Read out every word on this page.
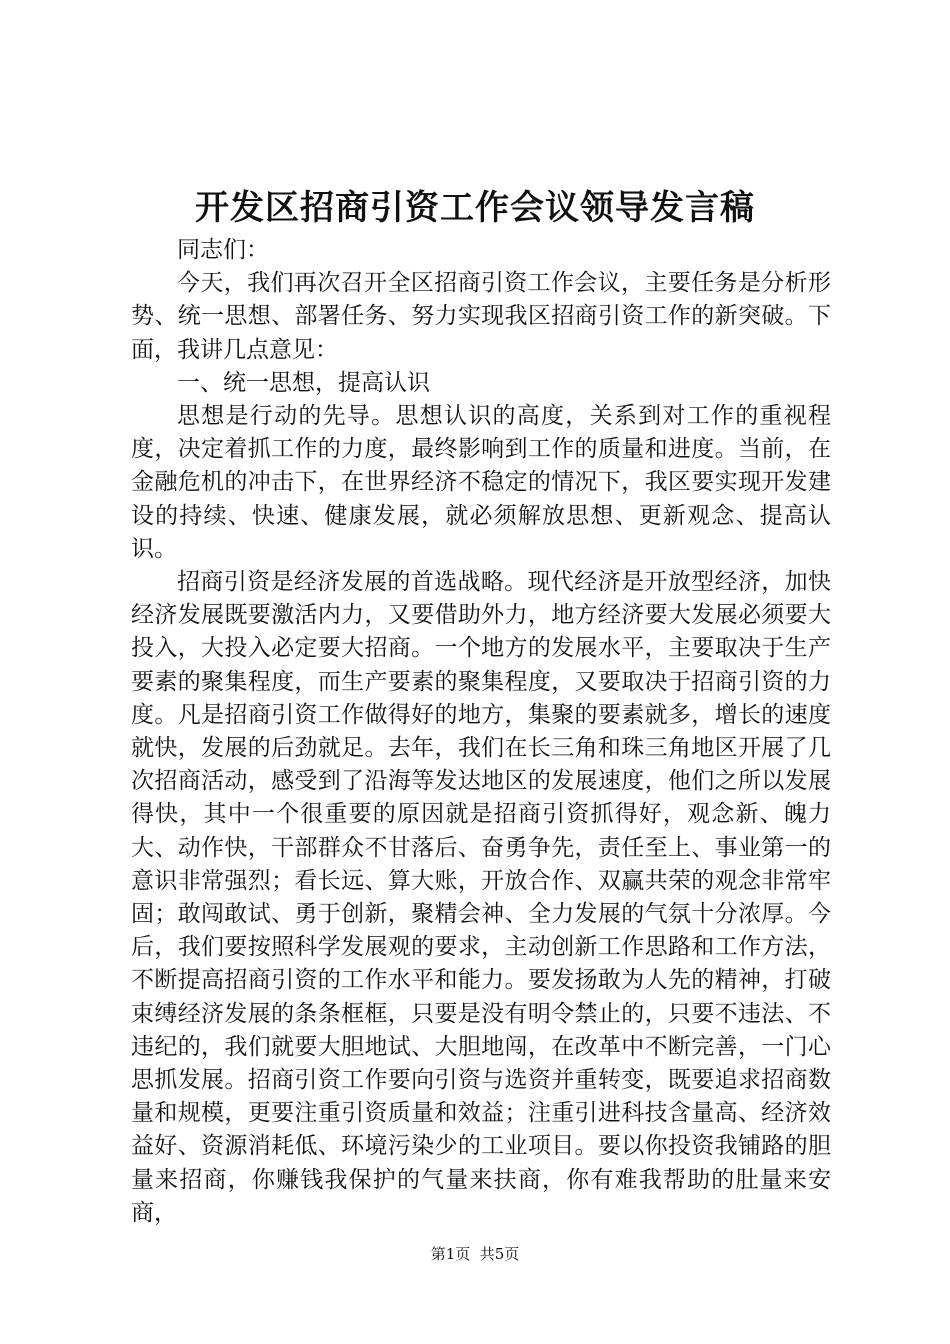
开发区招商引资工作会议领导发言稿

同志们：

今天，我们再次召开全区招商引资工作会议，主要任务是分析形势、统一思想、部署任务、努力实现我区招商引资工作的新突破。下面，我讲几点意见：

一、统一思想，提高认识

思想是行动的先导。思想认识的高度，关系到对工作的重视程度，决定着抓工作的力度，最终影响到工作的质量和进度。当前，在金融危机的冲击下，在世界经济不稳定的情况下，我区要实现开发建设的持续、快速、健康发展，就必须解放思想、更新观念、提高认识。

招商引资是经济发展的首选战略。现代经济是开放型经济，加快经济发展既要激活内力，又要借助外力，地方经济要大发展必须要大投入，大投入必定要大招商。一个地方的发展水平，主要取决于生产要素的聚集程度，而生产要素的聚集程度，又要取决于招商引资的力度。凡是招商引资工作做得好的地方，集聚的要素就多，增长的速度就快，发展的后劲就足。去年，我们在长三角和珠三角地区开展了几次招商活动，感受到了沿海等发达地区的发展速度，他们之所以发展得快，其中一个很重要的原因就是招商引资抓得好，观念新、魄力大、动作快，干部群众不甘落后、奋勇争先，责任至上、事业第一的意识非常强烈；看长远、算大账，开放合作、双赢共荣的观念非常牢固；敢闯敢试、勇于创新，聚精会神、全力发展的气氛十分浓厚。今后，我们要按照科学发展观的要求，主动创新工作思路和工作方法，不断提高招商引资的工作水平和能力。要发扬敢为人先的精神，打破束缚经济发展的条条框框，只要是没有明令禁止的，只要不违法、不违纪的，我们就要大胆地试、大胆地闯，在改革中不断完善，一门心思抓发展。招商引资工作要向引资与选资并重转变，既要追求招商数量和规模，更要注重引资质量和效益；注重引进科技含量高、经济效益好、资源消耗低、环境污染少的工业项目。要以你投资我铺路的胆量来招商，你赚钱我保护的气量来扶商，你有难我帮助的肚量来安商，

第1页  共5页
